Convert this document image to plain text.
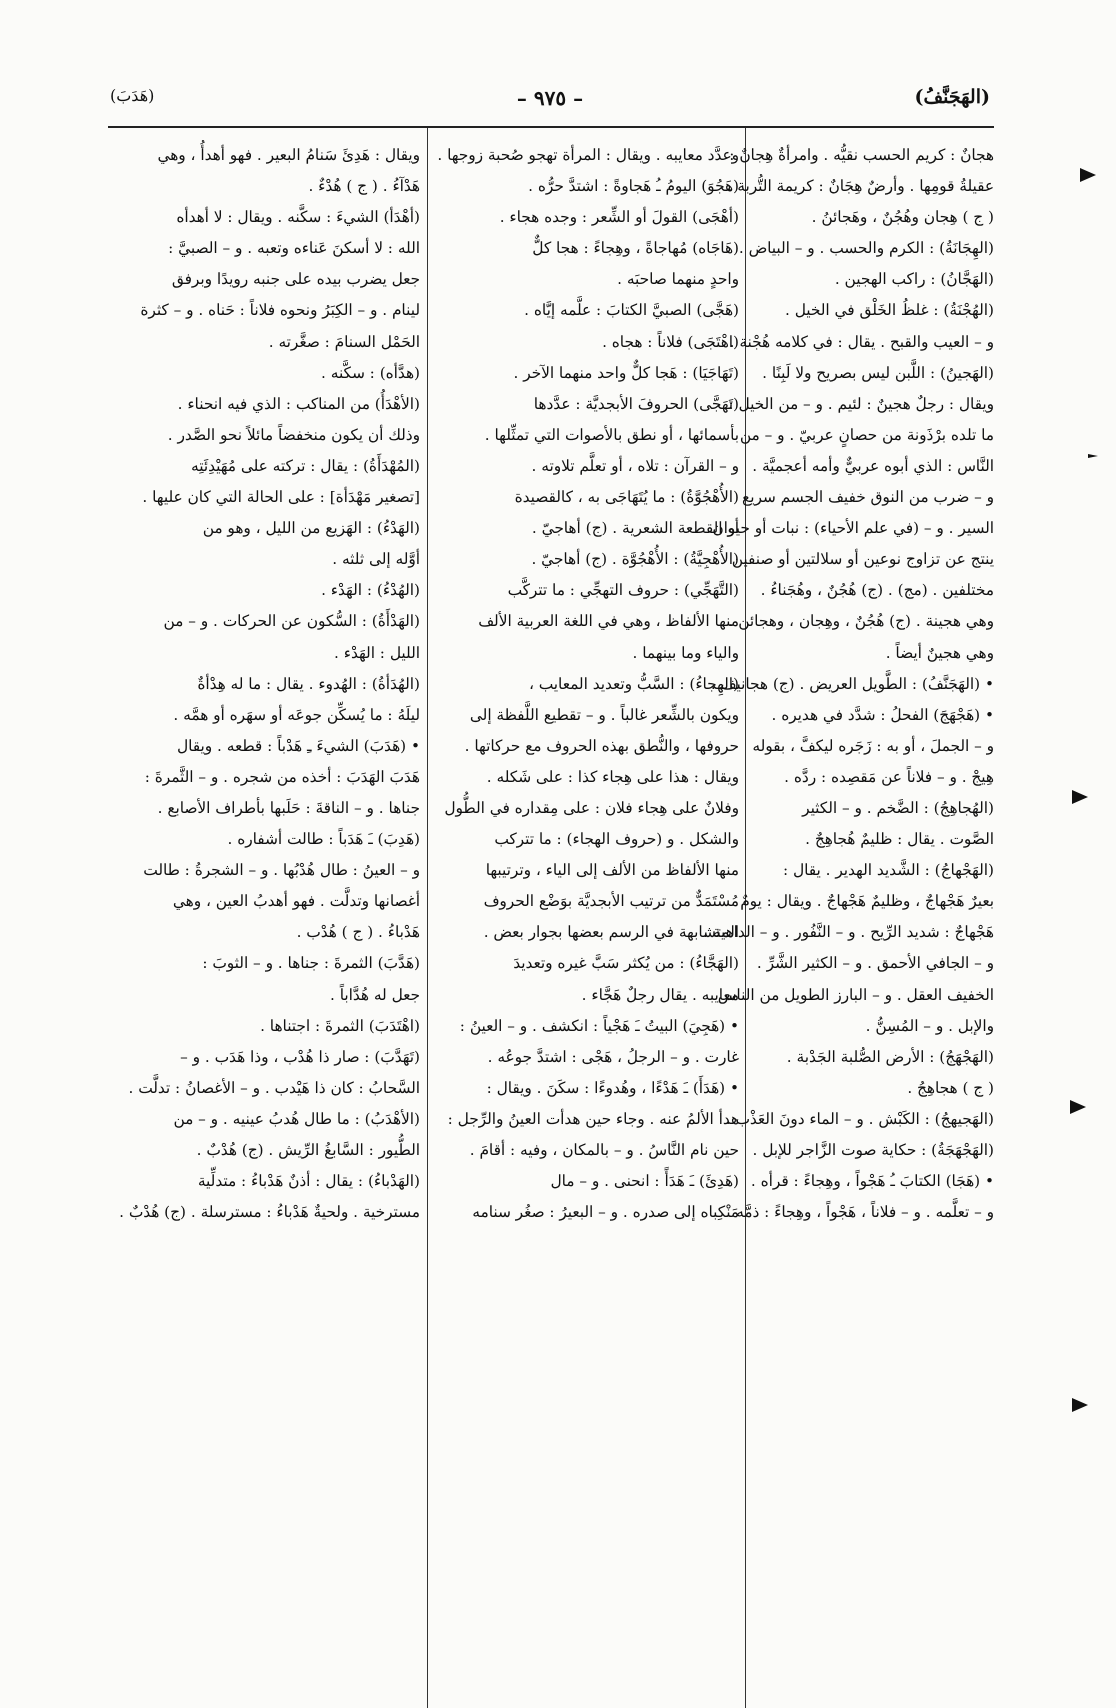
(الهَجَنَّفُ)
– ٩٧٥ –
(هَدَبَ)

هجانٌ : كريم الحسب نقيُّه . وامرأةٌ هِجانٌ :

عقيلةُ قومِها . وأرضٌ هِجَانٌ : كريمة التُّربة .

( ج ) هِجان وهُجُنٌ ، وهَجائنُ .

(الهِجَانَةُ) : الكرم والحسب . و – البياض .

(الهَجَّانُ) : راكب الهجين .

(الهُجْنَةُ) : غلظُ الخَلْق في الخيل .

و – العيب والقبح . يقال : في كلامه هُجْنة .

(الهَجينُ) : اللَّبن ليس بصريح ولا لَبِنًا .

ويقال : رجلٌ هجينٌ : لئيم . و – من الخيل :

ما تلده برْذَونة من حصانٍ عربيّ . و – من

النَّاس : الذي أبوه عربيٌّ وأمه أعجميَّة .

و – ضرب من النوق خفيف الجسم سريع

السير . و – (في علم الأحياء) : نبات أو حيوان

ينتج عن تزاوج نوعين أو سلالتين أو صنفين

مختلفين . (مج) . (ج) هُجُنٌ ، وهُجَناءُ .

وهي هجينة . (ج) هُجُنٌ ، وهِجان ، وهجائن .

وهي هجينٌ أيضاً .

• (الهَجَنَّفُ) : الطَّويل العريض . (ج) هجانيف .

• (هَجْهَجَ) الفحلُ : شدَّد في هديره .

و – الجملَ ، أو به : زَجَره ليكفَّ ، بقوله

هِيجْ . و – فلاناً عن مَقصِده : ردَّه .

(الهُجاهِجُ) : الضَّخم . و – الكثير

الصَّوت . يقال : ظليمٌ هُجاهِجٌ .

(الهَجْهاجُ) : الشَّديد الهدير . يقال :

بعيرٌ هَجْهاجٌ ، وظليمٌ هَجْهاجٌ . ويقال : يومٌ

هَجْهاجٌ : شديد الرِّيح . و – النَّفُور . و – الداهية .

و – الجافي الأحمق . و – الكثير الشَّرِّ .

الخفيف العقل . و – البارز الطويل من الناس

والإبل . و – المُسِنُّ .

(الهَجْهَجُ) : الأرض الصُّلبة الجَدْبة .

( ج ) هجاهِجُ .

(الهَجيهجُ) : الكَبْش . و – الماء دونَ العَذْب .

(الهَجْهَجَةُ) : حكاية صوت الزَّاجر للإبل .

• (هَجَا) الكتابَ ـُ هَجْواً ، وهِجاءً : قرأه .

و – تعلَّمه . و – فلاناً ، هَجْواً ، وهِجاءً : ذمَّه

وعدَّد معايبه . ويقال : المرأة تهجو صُحبة زوجها .

(هَجُوَ) اليومُ ـُ هَجاوةً : اشتدَّ حرُّه .

(أهْجَى) القولَ أو الشِّعر : وجده هجاء .

(هَاجَاه) مُهاجاةً ، وهِجاءً : هجا كلٌّ

واحدٍ منهما صاحبَه .

(هَجَّى) الصبيَّ الكتابَ : علَّمه إيَّاه .

(اهْتَجَى) فلاناً : هجاه .

(تَهَاجَيَا) : هَجا كلٌّ واحد منهما الآخر .

(تَهَجَّى) الحروفَ الأبجديَّة : عدَّدها

بأسمائها ، أو نطق بالأصوات التي تمثِّلها .

و – القرآن : تلاه ، أو تعلَّم تلاوته .

(الأُهْجُوَّةُ) : ما يُتَهَاجَى به ، كالقصيدة

أو القطعة الشعرية . (ج) أهاجيّ .

(الأُهْجِيَّةُ) : الأُهْجُوَّة . (ج) أهاجيّ .

(التَّهَجِّي) : حروف التهجِّي : ما تتركَّب

منها الألفاظ ، وهي في اللغة العربية الألف

والياء وما بينهما .

(الهِجاءُ) : السَّبُّ وتعديد المعايب ،

ويكون بالشِّعر غالباً . و – تقطيع اللَّفظة إلى

حروفها ، والنُّطق بهذه الحروف مع حركاتها .

ويقال : هذا على هِجاء كذا : على شَكله .

وفلانٌ على هِجاء فلان : على مِقداره في الطُّول

والشكل . و (حروف الهجاء) : ما تتركب

منها الألفاظ من الألف إلى الياء ، وترتيبها

مُسْتَمَدٌّ من ترتيب الأبجديَّة بوَضْع الحروف

المتشابهة في الرسم بعضها بجوار بعض .

(الهَجَّاءُ) : من يُكثر سَبَّ غيره وتعديدَ

معايبه . يقال رجلٌ هَجَّاء .

• (هَجِيَ) البيتُ ـَ هَجْياً : انكشف . و – العينُ :

غارت . و – الرجلُ ، هَجْى : اشتدَّ جوعُه .

• (هَدَأَ) ـَ هَدْءًا ، وهُدوءًا : سكَنَ . ويقال :

هدأ الألمُ عنه . وجاء حين هدأت العينُ والرِّجل :

حين نام النَّاسُ . و – بالمكان ، وفيه : أقامَ .

(هَدِئَ) ـَ هَدَأً : انحنى . و – مال

مَنْكِباه إلى صدره . و – البعيرُ : صغُر سنامه

ويقال : هَدِئَ سَنامُ البعير . فهو أهدأُ ، وهي

هَدْآءُ . ( ج ) هُدْءٌ .

(أهْدَأ) الشيءَ : سكَّنه . ويقال : لا أهدأه

الله : لا أسكنَ عَناءه وتعبه . و – الصبيَّ :

جعل يضرب بيده على جنبه رويدًا وبرفق

لينام . و – الكِبَرُ ونحوه فلاناً : حَناه . و – كثرة

الحَمْل السنامَ : صغَّرته .

(هدَّأه) : سكَّنه .

(الأهْدَأُ) من المناكب : الذي فيه انحناء .

وذلك أن يكون منخفضاً مائلاً نحو الصَّدر .

(المُهْدَأَةُ) : يقال : تركته على مُهَيْدِئَتِه

[تصغير مَهْدَأة] : على الحالة التي كان عليها .

(الهَدْءُ) : الهَزيع من الليل ، وهو من

أوَّله إلى ثلثه .

(الهُدْءُ) : الهَدْء .

(الهَدْأَةُ) : السُّكون عن الحركات . و – من

الليل : الهَدْء .

(الهُدَأةُ) : الهُدوء . يقال : ما له هِدْأةٌ

ليلَهُ : ما يُسكِّن جوعَه أو سهَره أو همَّه .

• (هَدَبَ) الشيءَ ـِ هَدْباً : قطعه . ويقال

هَدَبَ الهَدَبَ : أخذه من شجره . و – الثَّمرةَ :

جناها . و – الناقةَ : حَلَبها بأطراف الأصابع .

(هَدِبَ) ـَ هَدَباً : طالت أشفاره .

و – العينُ : طال هُدْبُها . و – الشجرةُ : طالت

أغصانها وتدلَّت . فهو أهدبُ العين ، وهي

هَدْباءُ . ( ج ) هُدْب .

(هَدَّبَ) الثمرةَ : جناها . و – الثوبَ :

جعل له هُدَّاباً .

(اهْتَدَبَ) الثمرةَ : اجتناها .

(تَهَدَّبَ) : صار ذا هُدْب ، وذا هَدَب . و –

السَّحابُ : كان ذا هَيْدب . و – الأغصانُ : تدلَّت .

(الأهْدَبُ) : ما طال هُدبُ عينيه . و – من

الطُّيور : السَّابغُ الرِّيش . (ج) هُدْبٌ .

(الهَدْباءُ) : يقال : أذنٌ هَدْباءُ : متدلِّية

مسترخية . ولحيةٌ هَدْباءُ : مسترسلة . (ج) هُدْبٌ .
